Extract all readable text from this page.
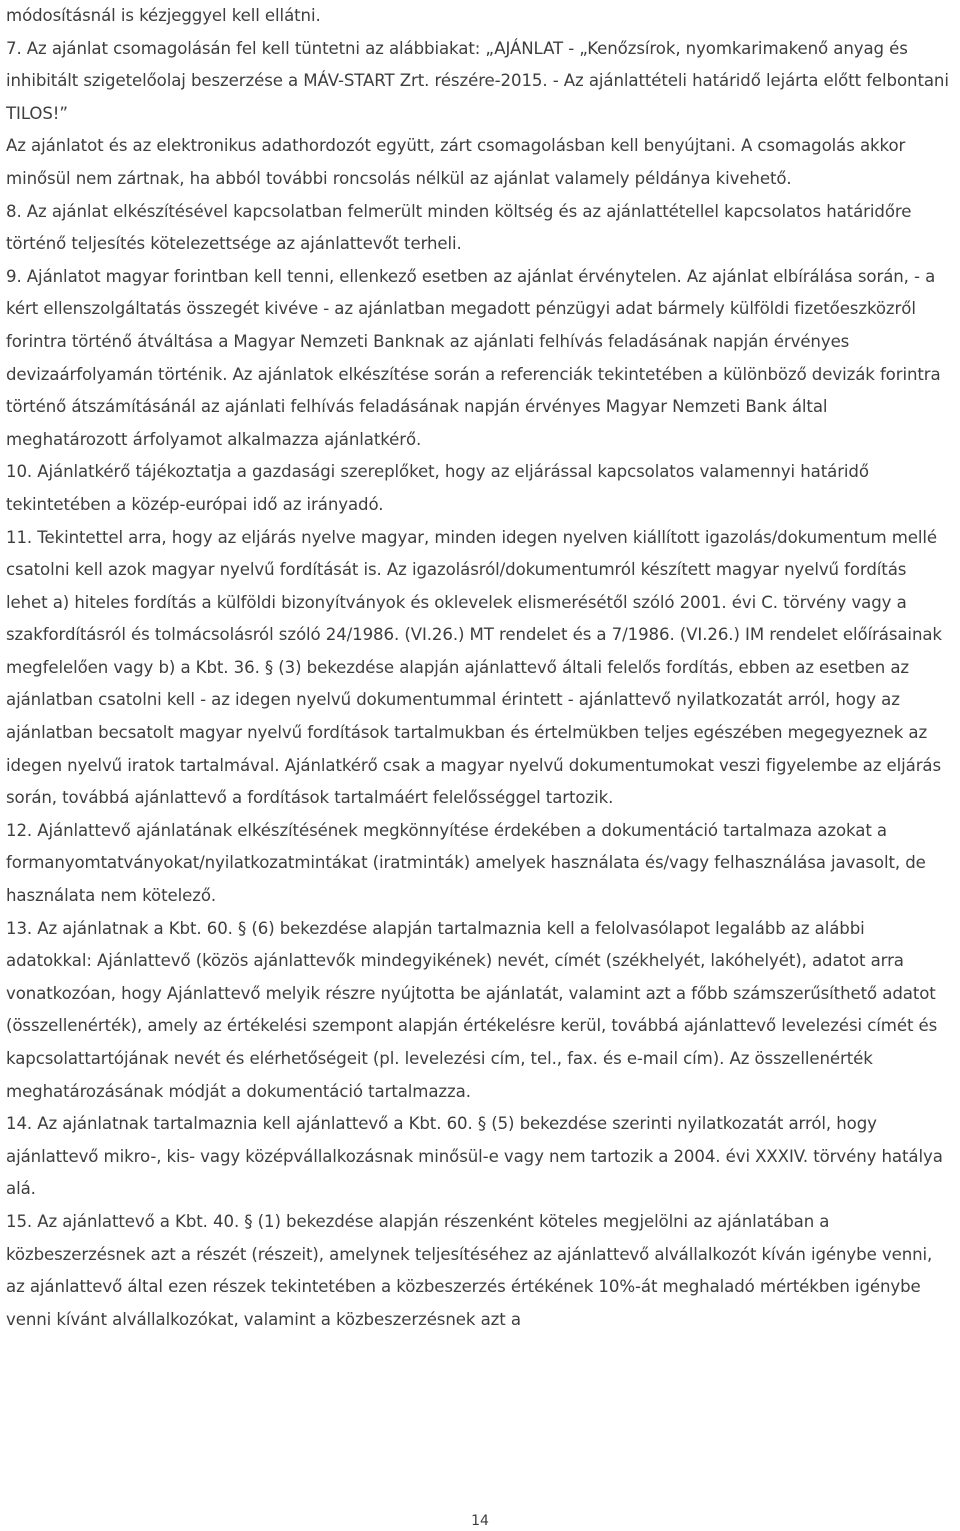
módosításnál is kézjeggyel kell ellátni.

7. Az ajánlat csomagolásán fel kell tüntetni az alábbiakat: „AJÁNLAT - „Kenőzsírok, nyomkarimakenő anyag és inhibitált szigetelőolaj beszerzése a MÁV-START Zrt. részére-2015. - Az ajánlattételi határidő lejárta előtt felbontani TILOS!”

Az ajánlatot és az elektronikus adathordozót együtt, zárt csomagolásban kell benyújtani. A csomagolás akkor minősül nem zártnak, ha abból további roncsolás nélkül az ajánlat valamely példánya kivehető.

8. Az ajánlat elkészítésével kapcsolatban felmerült minden költség és az ajánlattétellel kapcsolatos határidőre történő teljesítés kötelezettsége az ajánlattevőt terheli.

9. Ajánlatot magyar forintban kell tenni, ellenkező esetben az ajánlat érvénytelen. Az ajánlat elbírálása során, - a kért ellenszolgáltatás összegét kivéve - az ajánlatban megadott pénzügyi adat bármely külföldi fizetőeszközről forintra történő átváltása a Magyar Nemzeti Banknak az ajánlati felhívás feladásának napján érvényes devizaárfolyamán történik. Az ajánlatok elkészítése során a referenciák tekintetében a különböző devizák forintra történő átszámításánál az ajánlati felhívás feladásának napján érvényes Magyar Nemzeti Bank által meghatározott árfolyamot alkalmazza ajánlatkérő.

10. Ajánlatkérő tájékoztatja a gazdasági szereplőket, hogy az eljárással kapcsolatos valamennyi határidő tekintetében a közép-európai idő az irányadó.

11. Tekintettel arra, hogy az eljárás nyelve magyar, minden idegen nyelven kiállított igazolás/dokumentum mellé csatolni kell azok magyar nyelvű fordítását is. Az igazolásról/dokumentumról készített magyar nyelvű fordítás lehet a) hiteles fordítás a külföldi bizonyítványok és oklevelek elismerésétől szóló 2001. évi C. törvény vagy a szakfordításról és tolmácsolásról szóló 24/1986. (VI.26.) MT rendelet és a 7/1986. (VI.26.) IM rendelet előírásainak megfelelően vagy b) a Kbt. 36. § (3) bekezdése alapján ajánlattevő általi felelős fordítás, ebben az esetben az ajánlatban csatolni kell - az idegen nyelvű dokumentummal érintett - ajánlattevő nyilatkozatát arról, hogy az ajánlatban becsatolt magyar nyelvű fordítások tartalmukban és értelmükben teljes egészében megegyeznek az idegen nyelvű iratok tartalmával. Ajánlatkérő csak a magyar nyelvű dokumentumokat veszi figyelembe az eljárás során, továbbá ajánlattevő a fordítások tartalmáért felelősséggel tartozik.

12. Ajánlattevő ajánlatának elkészítésének megkönnyítése érdekében a dokumentáció tartalmaza azokat a formanyomtatványokat/nyilatkozatmintákat (iratminták) amelyek használata és/vagy felhasználása javasolt, de használata nem kötelező.

13. Az ajánlatnak a Kbt. 60. § (6) bekezdése alapján tartalmaznia kell a felolvasólapot legalább az alábbi adatokkal: Ajánlattevő (közös ajánlattevők mindegyikének) nevét, címét (székhelyét, lakóhelyét), adatot arra vonatkozóan, hogy Ajánlattevő melyik részre nyújtotta be ajánlatát, valamint azt a főbb számszerűsíthető adatot (összellenérték), amely az értékelési szempont alapján értékelésre kerül, továbbá ajánlattevő levelezési címét és kapcsolattartójának nevét és elérhetőségeit (pl. levelezési cím, tel., fax. és e-mail cím). Az összellenérték meghatározásának módját a dokumentáció tartalmazza.

14. Az ajánlatnak tartalmaznia kell ajánlattevő a Kbt. 60. § (5) bekezdése szerinti nyilatkozatát arról, hogy ajánlattevő mikro-, kis- vagy középvállalkozásnak minősül-e vagy nem tartozik a 2004. évi XXXIV. törvény hatálya alá.

15. Az ajánlattevő a Kbt. 40. § (1) bekezdése alapján részenként köteles megjelölni az ajánlatában a közbeszerzésnek azt a részét (részeit), amelynek teljesítéséhez az ajánlattevő alvállalkozót kíván igénybe venni, az ajánlattevő által ezen részek tekintetében a közbeszerzés értékének 10%-át meghaladó mértékben igénybe venni kívánt alvállalkozókat, valamint a közbeszerzésnek azt a

14
